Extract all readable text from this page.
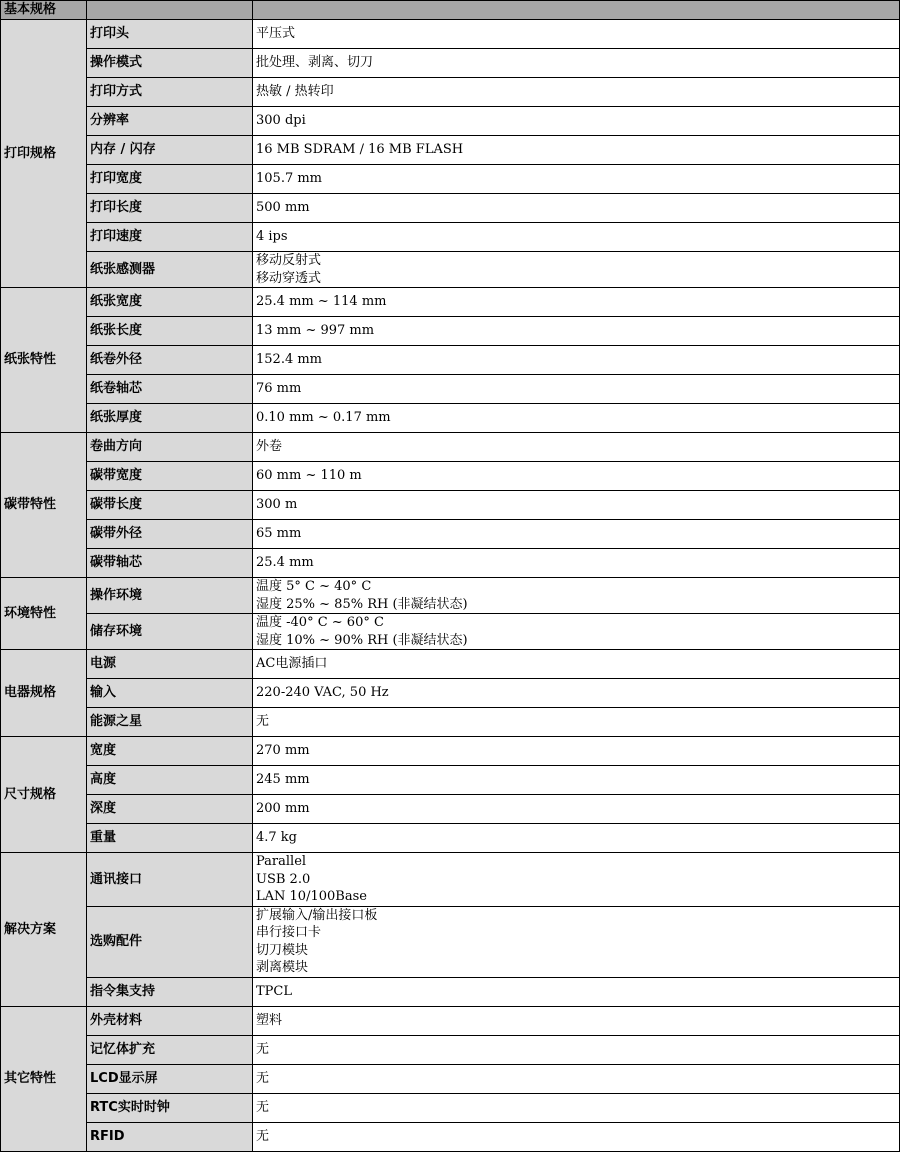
基本规格		
打印规格	打印头	平压式
	操作模式	批处理、剥离、切刀
	打印方式	热敏 / 热转印
	分辨率	300 dpi
	内存 / 闪存	16 MB SDRAM / 16 MB FLASH
	打印宽度	105.7 mm
	打印长度	500 mm
	打印速度	4 ips
	纸张感测器	移动反射式
移动穿透式
纸张特性	纸张宽度	25.4 mm ~ 114 mm
	纸张长度	13 mm ~ 997 mm
	纸卷外径	152.4 mm
	纸卷轴芯	76 mm
	纸张厚度	0.10 mm ~ 0.17 mm
碳带特性	卷曲方向	外卷
	碳带宽度	60 mm ~ 110 m
	碳带长度	300 m
	碳带外径	65 mm
	碳带轴芯	25.4 mm
环境特性	操作环境	温度 5° C ~ 40° C
湿度 25% ~ 85% RH (非凝结状态)
	储存环境	温度 -40° C ~ 60° C
湿度 10% ~ 90% RH (非凝结状态)
电器规格	电源	AC电源插口
	输入	220-240 VAC, 50 Hz
	能源之星	无
尺寸规格	宽度	270 mm
	高度	245 mm
	深度	200 mm
	重量	4.7 kg
解决方案	通讯接口	Parallel
USB 2.0
LAN 10/100Base
	选购配件	扩展输入/输出接口板
串行接口卡
切刀模块
剥离模块
	指令集支持	TPCL
其它特性	外壳材料	塑料
	记忆体扩充	无
	LCD显示屏	无
	RTC实时时钟	无
	RFID	无
